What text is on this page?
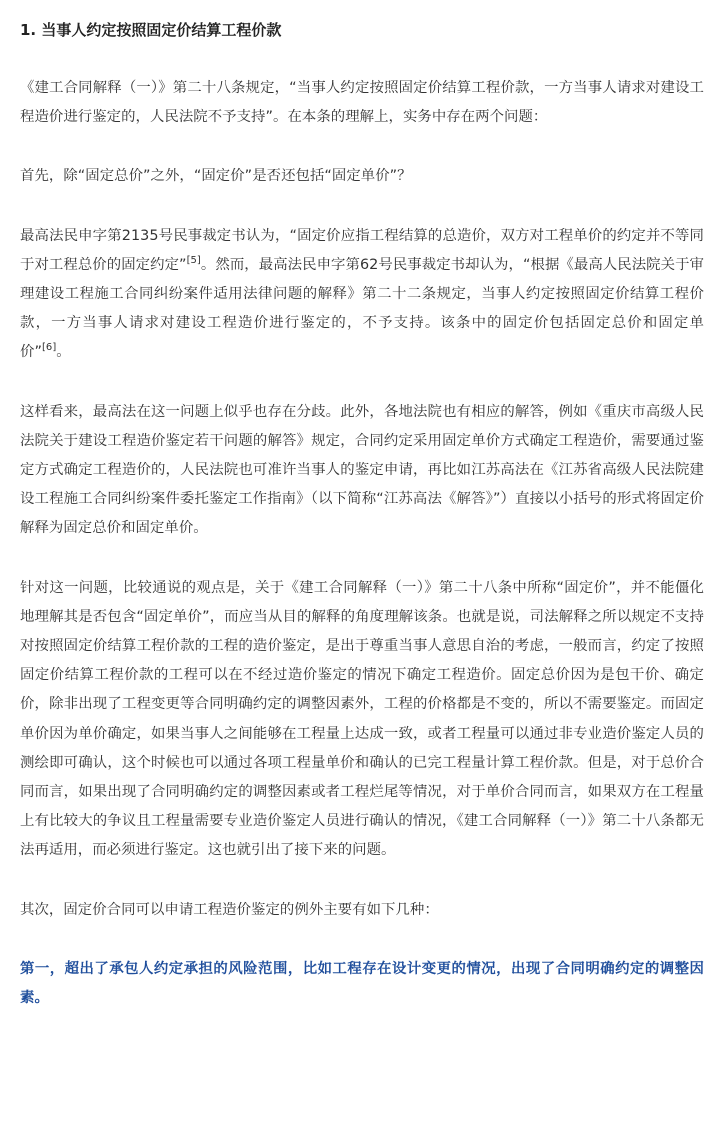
1. 当事人约定按照固定价结算工程价款

《建工合同解释（一）》第二十八条规定，“当事人约定按照固定价结算工程价款，一方当事人请求对建设工程造价进行鉴定的，人民法院不予支持”。在本条的理解上，实务中存在两个问题：

首先，除“固定总价”之外，“固定价”是否还包括“固定单价”？

最高法民申字第2135号民事裁定书认为，“固定价应指工程结算的总造价，双方对工程单价的约定并不等同于对工程总价的固定约定”[5]。然而，最高法民申字第62号民事裁定书却认为，“根据《最高人民法院关于审理建设工程施工合同纠纷案件适用法律问题的解释》第二十二条规定，当事人约定按照固定价结算工程价款，一方当事人请求对建设工程造价进行鉴定的，不予支持。该条中的固定价包括固定总价和固定单价”[6]。

这样看来，最高法在这一问题上似乎也存在分歧。此外，各地法院也有相应的解答，例如《重庆市高级人民法院关于建设工程造价鉴定若干问题的解答》规定，合同约定采用固定单价方式确定工程造价，需要通过鉴定方式确定工程造价的，人民法院也可准许当事人的鉴定申请，再比如江苏高法在《江苏省高级人民法院建设工程施工合同纠纷案件委托鉴定工作指南》（以下简称“江苏高法《解答》”）直接以小括号的形式将固定价解释为固定总价和固定单价。

针对这一问题，比较通说的观点是，关于《建工合同解释（一）》第二十八条中所称“固定价”，并不能僵化地理解其是否包含“固定单价”，而应当从目的解释的角度理解该条。也就是说，司法解释之所以规定不支持对按照固定价结算工程价款的工程的造价鉴定，是出于尊重当事人意思自治的考虑，一般而言，约定了按照固定价结算工程价款的工程可以在不经过造价鉴定的情况下确定工程造价。固定总价因为是包干价、确定价，除非出现了工程变更等合同明确约定的调整因素外，工程的价格都是不变的，所以不需要鉴定。而固定单价因为单价确定，如果当事人之间能够在工程量上达成一致，或者工程量可以通过非专业造价鉴定人员的测绘即可确认，这个时候也可以通过各项工程量单价和确认的已完工程量计算工程价款。但是，对于总价合同而言，如果出现了合同明确约定的调整因素或者工程烂尾等情况，对于单价合同而言，如果双方在工程量上有比较大的争议且工程量需要专业造价鉴定人员进行确认的情况，《建工合同解释（一）》第二十八条都无法再适用，而必须进行鉴定。这也就引出了接下来的问题。

其次，固定价合同可以申请工程造价鉴定的例外主要有如下几种：

第一，超出了承包人约定承担的风险范围，比如工程存在设计变更的情况，出现了合同明确约定的调整因素。
